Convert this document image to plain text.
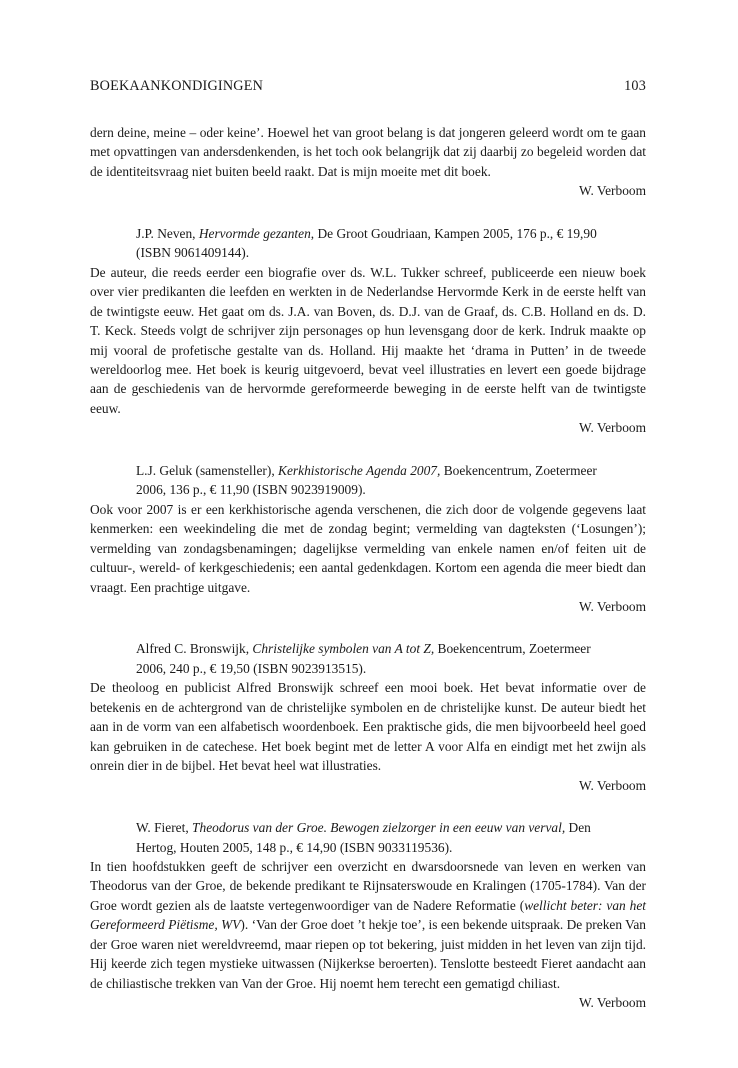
BOEKAANKONDIGINGEN	103

dern deine, meine – oder keine’. Hoewel het van groot belang is dat jongeren geleerd wordt om te gaan met opvattingen van andersdenkenden, is het toch ook belangrijk dat zij daarbij zo begeleid worden dat de identiteitsvraag niet buiten beeld raakt. Dat is mijn moeite met dit boek.

W. Verboom
J.P. Neven, Hervormde gezanten, De Groot Goudriaan, Kampen 2005, 176 p., € 19,90
(ISBN 9061409144).

De auteur, die reeds eerder een biografie over ds. W.L. Tukker schreef, publiceerde een nieuw boek over vier predikanten die leefden en werkten in de Nederlandse Hervormde Kerk in de eerste helft van de twintigste eeuw. Het gaat om ds. J.A. van Boven, ds. D.J. van de Graaf, ds. C.B. Holland en ds. D. T. Keck. Steeds volgt de schrijver zijn personages op hun levensgang door de kerk. Indruk maakte op mij vooral de profetische gestalte van ds. Holland. Hij maakte het ‘drama in Putten’ in de tweede wereldoorlog mee. Het boek is keurig uitgevoerd, bevat veel illustraties en levert een goede bijdrage aan de geschiedenis van de hervormde gereformeerde beweging in de eerste helft van de twintigste eeuw.

W. Verboom
L.J. Geluk (samensteller), Kerkhistorische Agenda 2007, Boekencentrum, Zoetermeer
2006, 136 p., € 11,90 (ISBN 9023919009).

Ook voor 2007 is er een kerkhistorische agenda verschenen, die zich door de volgende gegevens laat kenmerken: een weekindeling die met de zondag begint; vermelding van dagteksten (‘Losungen’); vermelding van zondagsbenamingen; dagelijkse vermelding van enkele namen en/of feiten uit de cultuur-, wereld- of kerkgeschiedenis; een aantal gedenkdagen. Kortom een agenda die meer biedt dan vraagt. Een prachtige uitgave.

W. Verboom
Alfred C. Bronswijk, Christelijke symbolen van A tot Z, Boekencentrum, Zoetermeer
2006, 240 p., € 19,50 (ISBN 9023913515).

De theoloog en publicist Alfred Bronswijk schreef een mooi boek. Het bevat informatie over de betekenis en de achtergrond van de christelijke symbolen en de christelijke kunst. De auteur biedt het aan in de vorm van een alfabetisch woordenboek. Een praktische gids, die men bijvoorbeeld heel goed kan gebruiken in de catechese. Het boek begint met de letter A voor Alfa en eindigt met het zwijn als onrein dier in de bijbel. Het bevat heel wat illustraties.

W. Verboom
W. Fieret, Theodorus van der Groe. Bewogen zielzorger in een eeuw van verval, Den
Hertog, Houten 2005, 148 p., € 14,90 (ISBN 9033119536).

In tien hoofdstukken geeft de schrijver een overzicht en dwarsdoorsnede van leven en werken van Theodorus van der Groe, de bekende predikant te Rijnsaterswoude en Kralingen (1705-1784). Van der Groe wordt gezien als de laatste vertegenwoordiger van de Nadere Reformatie (wellicht beter: van het Gereformeerd Piëtisme, WV). ‘Van der Groe doet ’t hekje toe’, is een bekende uitspraak. De preken Van der Groe waren niet wereldvreemd, maar riepen op tot bekering, juist midden in het leven van zijn tijd. Hij keerde zich tegen mystieke uitwassen (Nijkerkse beroerten). Tenslotte besteedt Fieret aandacht aan de chiliastische trekken van Van der Groe. Hij noemt hem terecht een gematigd chiliast.

W. Verboom
